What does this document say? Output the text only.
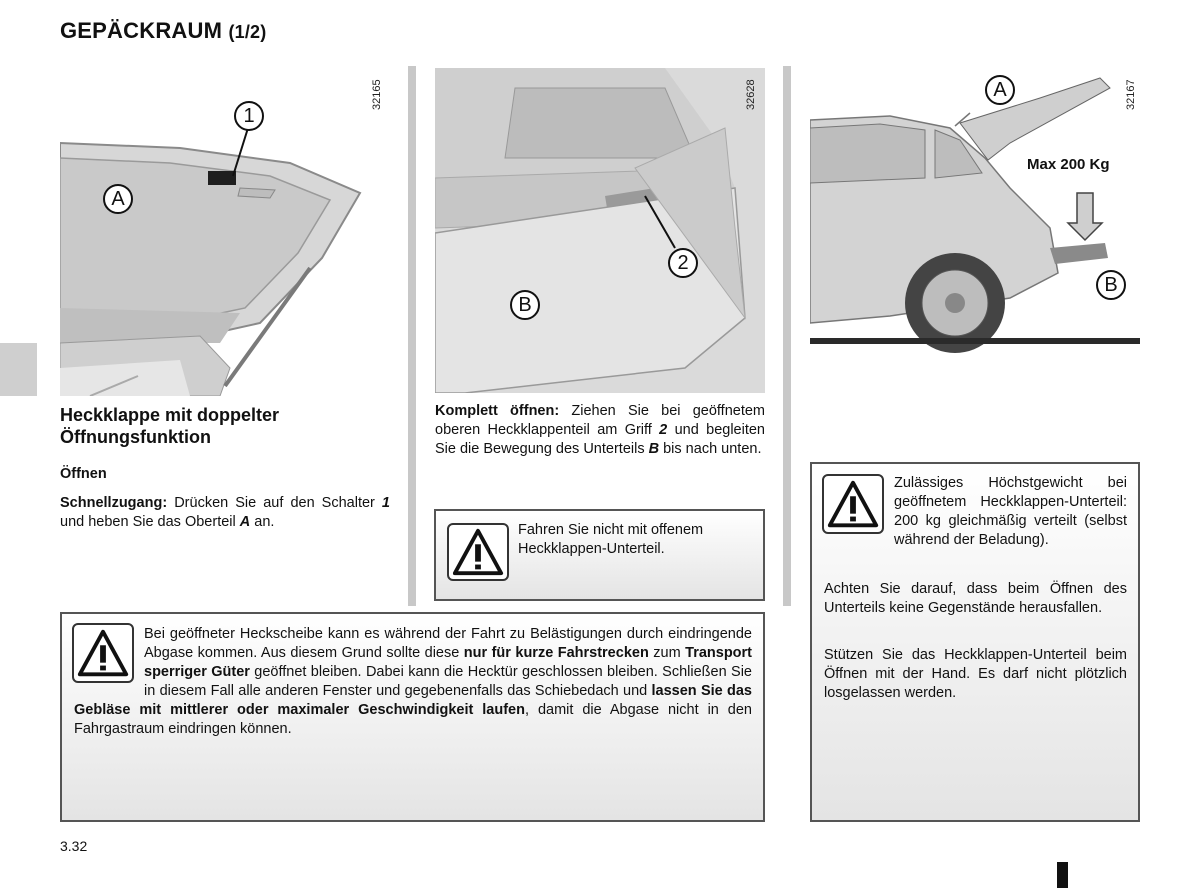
GEPÄCKRAUM (1/2)
1
A
32165
2
B
32628	A
B
Max 200 Kg
32167
Heckklappe mit doppelter Öffnungsfunktion
Öffnen
Schnellzugang: Drücken Sie auf den Schalter 1 und heben Sie das Oberteil A an.
Komplett öffnen: Ziehen Sie bei geöffnetem oberen Heckklappenteil am Griff 2 und begleiten Sie die Bewegung des Unterteils B bis nach unten.
Fahren Sie nicht mit offenem Heckklappen-Unterteil.
Bei geöffneter Heckscheibe kann es während der Fahrt zu Belästigungen durch eindringende Abgase kommen. Aus diesem Grund sollte diese nur für kurze Fahrstrecken zum Transport sperriger Güter geöffnet bleiben. Dabei kann die Hecktür geschlossen bleiben. Schließen Sie in diesem Fall alle anderen Fenster und gegebenenfalls das Schiebedach und lassen Sie das Gebläse mit mittlerer oder maximaler Geschwindigkeit laufen, damit die Abgase nicht in den Fahrgastraum eindringen können.
Zulässiges Höchstgewicht bei geöffnetem Heckklappen-Unterteil: 200 kg gleichmäßig verteilt (selbst während der Beladung).
Achten Sie darauf, dass beim Öffnen des Unterteils keine Gegenstände herausfallen.
Stützen Sie das Heckklappen-Unterteil beim Öffnen mit der Hand. Es darf nicht plötzlich losgelassen werden.
3.32
